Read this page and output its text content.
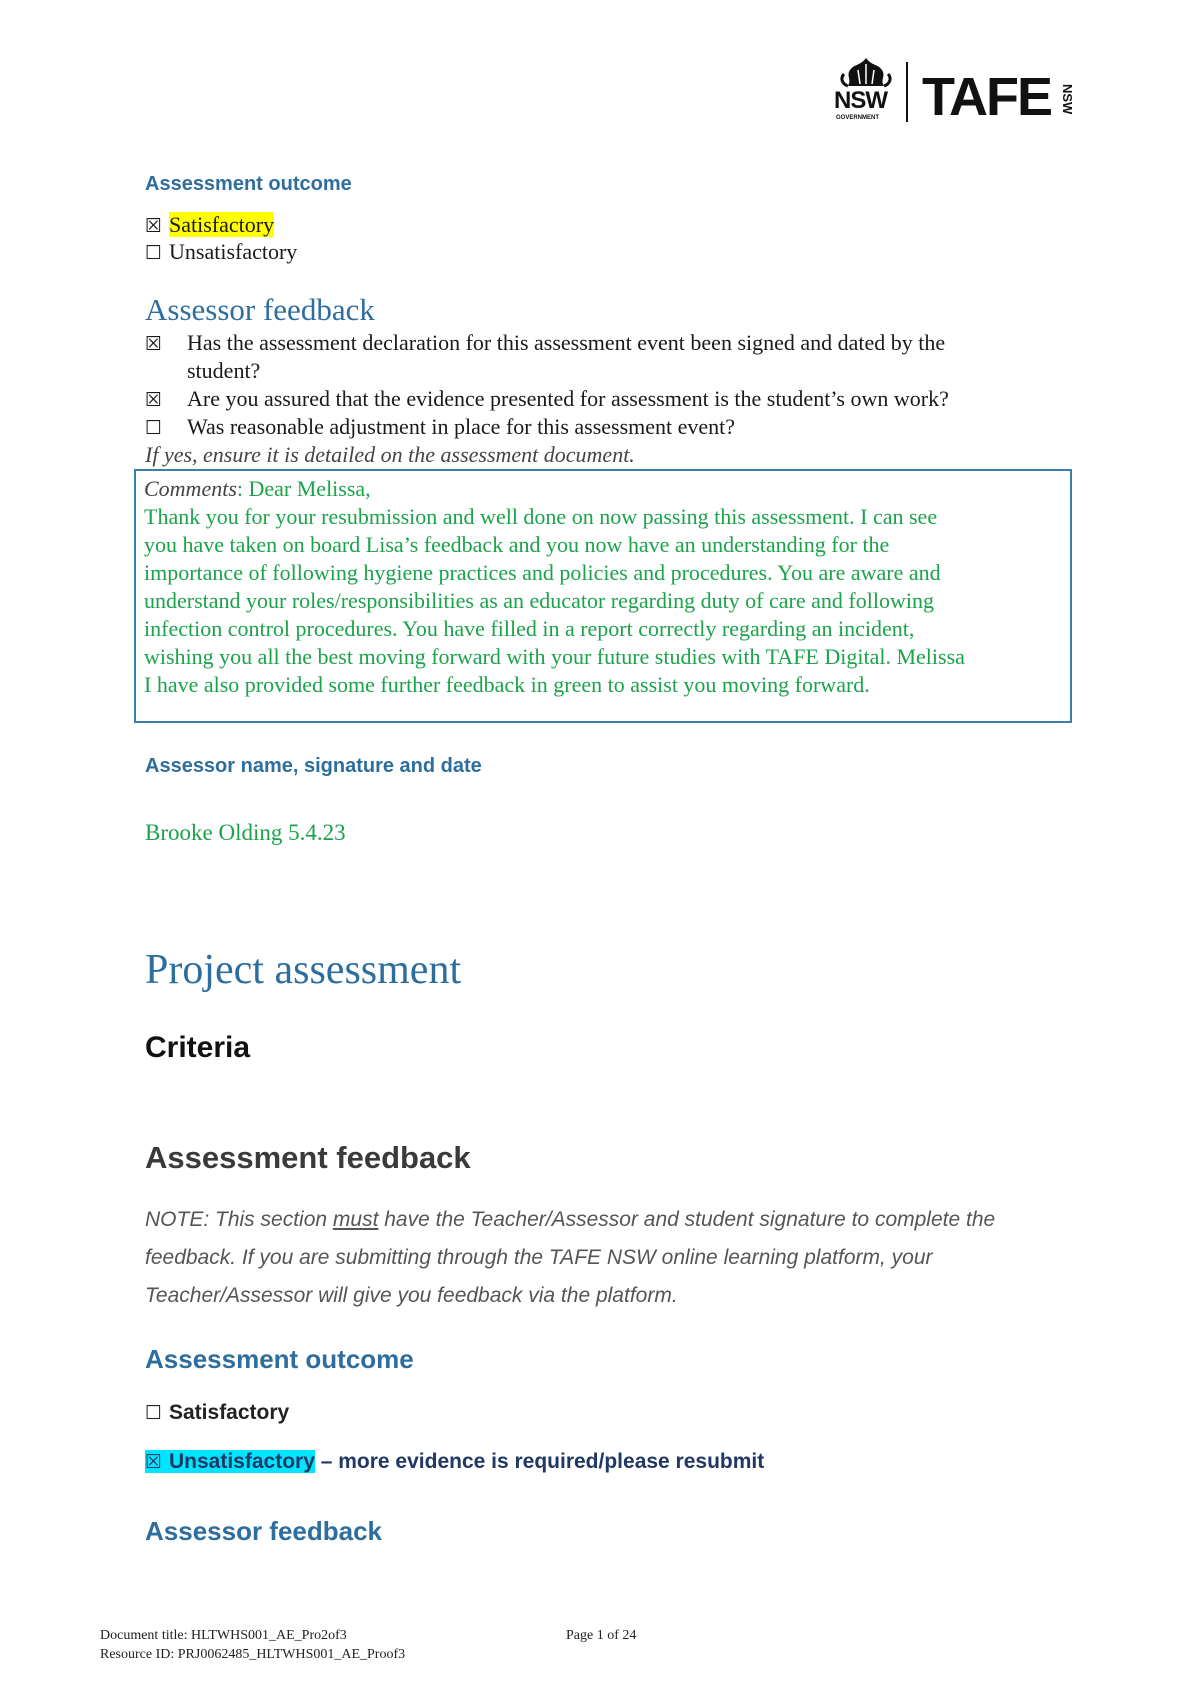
NSW
GOVERNMENT TAFE NSW
Assessment outcome
☒ Satisfactory
☐ Unsatisfactory
Assessor feedback
☒ Has the assessment declaration for this assessment event been signed and dated by the
student?
☒ Are you assured that the evidence presented for assessment is the student’s own work?
☐ Was reasonable adjustment in place for this assessment event?
If yes, ensure it is detailed on the assessment document.
Comments: Dear Melissa,
Thank you for your resubmission and well done on now passing this assessment. I can see
you have taken on board Lisa’s feedback and you now have an understanding for the
importance of following hygiene practices and policies and procedures. You are aware and
understand your roles/responsibilities as an educator regarding duty of care and following
infection control procedures. You have filled in a report correctly regarding an incident,
wishing you all the best moving forward with your future studies with TAFE Digital. Melissa
I have also provided some further feedback in green to assist you moving forward.
Assessor name, signature and date
Brooke Olding 5.4.23
Project assessment
Criteria
Assessment feedback
NOTE: This section must have the Teacher/Assessor and student signature to complete the
feedback. If you are submitting through the TAFE NSW online learning platform, your
Teacher/Assessor will give you feedback via the platform.
Assessment outcome
☐ Satisfactory
☒ Unsatisfactory – more evidence is required/please resubmit
Assessor feedback
Document title: HLTWHS001_AE_Pro2of3
Resource ID: PRJ0062485_HLTWHS001_AE_Proof3
Page 1 of 24
